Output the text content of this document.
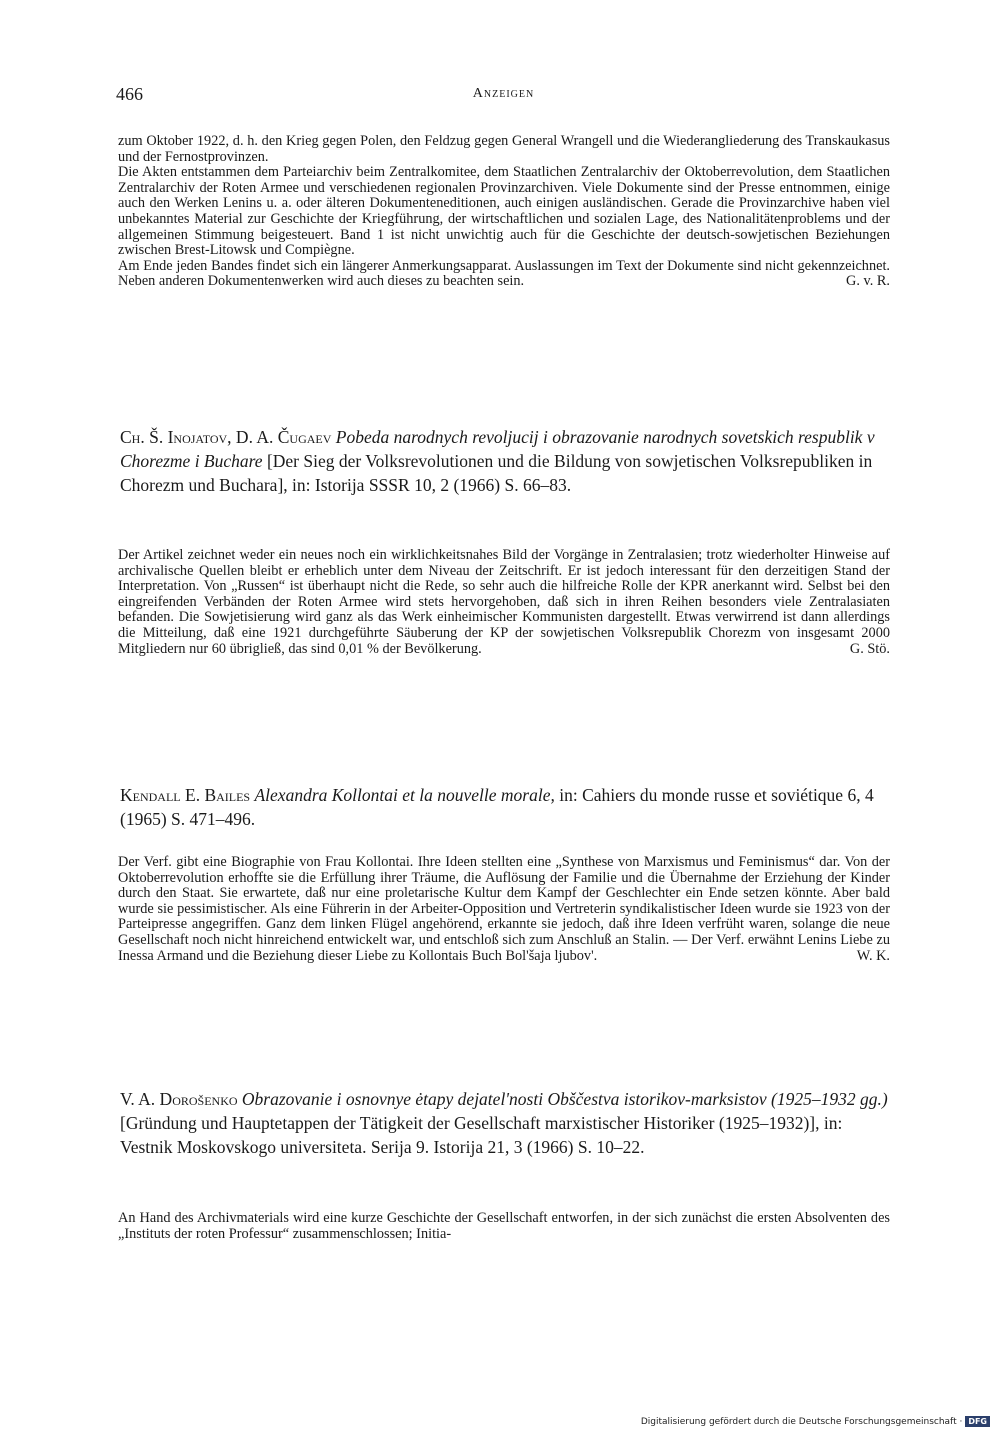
466	Anzeigen

zum Oktober 1922, d. h. den Krieg gegen Polen, den Feldzug gegen General Wrangell und die Wiederangliederung des Transkaukasus und der Fernostprovinzen.

Die Akten entstammen dem Parteiarchiv beim Zentralkomitee, dem Staatlichen Zentralarchiv der Oktoberrevolution, dem Staatlichen Zentralarchiv der Roten Armee und verschiedenen regionalen Provinzarchiven. Viele Dokumente sind der Presse entnommen, einige auch den Werken Lenins u. a. oder älteren Dokumenteneditionen, auch einigen ausländischen. Gerade die Provinzarchive haben viel unbekanntes Material zur Geschichte der Kriegführung, der wirtschaftlichen und sozialen Lage, des Nationalitätenproblems und der allgemeinen Stimmung beigesteuert. Band 1 ist nicht unwichtig auch für die Geschichte der deutsch-sowjetischen Beziehungen zwischen Brest-Litowsk und Compiègne.

Am Ende jeden Bandes findet sich ein längerer Anmerkungsapparat. Auslassungen im Text der Dokumente sind nicht gekennzeichnet. Neben anderen Dokumentenwerken wird auch dieses zu beachten sein.	G. v. R.

Ch. Š. Inojatov, D. A. Čugaev Pobeda narodnych revoljucij i obrazovanie narodnych sovetskich respublik v Chorezme i Buchare [Der Sieg der Volksrevolutionen und die Bildung von sowjetischen Volksrepubliken in Chorezm und Buchara], in: Istorija SSSR 10, 2 (1966) S. 66–83.

Der Artikel zeichnet weder ein neues noch ein wirklichkeitsnahes Bild der Vorgänge in Zentralasien; trotz wiederholter Hinweise auf archivalische Quellen bleibt er erheblich unter dem Niveau der Zeitschrift. Er ist jedoch interessant für den derzeitigen Stand der Interpretation. Von „Russen“ ist überhaupt nicht die Rede, so sehr auch die hilfreiche Rolle der KPR anerkannt wird. Selbst bei den eingreifenden Verbänden der Roten Armee wird stets hervorgehoben, daß sich in ihren Reihen besonders viele Zentralasiaten befanden. Die Sowjetisierung wird ganz als das Werk einheimischer Kommunisten dargestellt. Etwas verwirrend ist dann allerdings die Mitteilung, daß eine 1921 durchgeführte Säuberung der KP der sowjetischen Volksrepublik Chorezm von insgesamt 2000 Mitgliedern nur 60 übrigließ, das sind 0,01 % der Bevölkerung.	G. Stö.

Kendall E. Bailes Alexandra Kollontai et la nouvelle morale, in: Cahiers du monde russe et soviétique 6, 4 (1965) S. 471–496.

Der Verf. gibt eine Biographie von Frau Kollontai. Ihre Ideen stellten eine „Synthese von Marxismus und Feminismus“ dar. Von der Oktoberrevolution erhoffte sie die Erfüllung ihrer Träume, die Auflösung der Familie und die Übernahme der Erziehung der Kinder durch den Staat. Sie erwartete, daß nur eine proletarische Kultur dem Kampf der Geschlechter ein Ende setzen könnte. Aber bald wurde sie pessimistischer. Als eine Führerin in der Arbeiter-Opposition und Vertreterin syndikalistischer Ideen wurde sie 1923 von der Parteipresse angegriffen. Ganz dem linken Flügel angehörend, erkannte sie jedoch, daß ihre Ideen verfrüht waren, solange die neue Gesellschaft noch nicht hinreichend entwickelt war, und entschloß sich zum Anschluß an Stalin. — Der Verf. erwähnt Lenins Liebe zu Inessa Armand und die Beziehung dieser Liebe zu Kollontais Buch Bol'šaja ljubov'.	W. K.

V. A. Dorošenko Obrazovanie i osnovnye ėtapy dejatel'nosti Obščestva istorikov-marksistov (1925–1932 gg.) [Gründung und Hauptetappen der Tätigkeit der Gesellschaft marxistischer Historiker (1925–1932)], in: Vestnik Moskovskogo universiteta. Serija 9. Istorija 21, 3 (1966) S. 10–22.

An Hand des Archivmaterials wird eine kurze Geschichte der Gesellschaft entworfen, in der sich zunächst die ersten Absolventen des „Instituts der roten Professur“ zusammenschlossen; Initia-

Digitalisierung gefördert durch die Deutsche Forschungsgemeinschaft · DFG
